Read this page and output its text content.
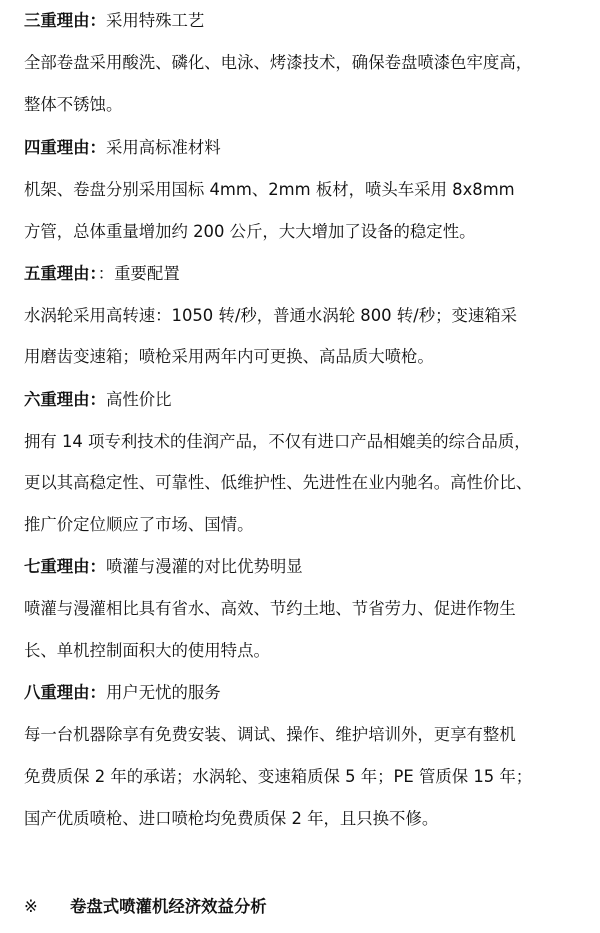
三重理由：采用特殊工艺
全部卷盘采用酸洗、磷化、电泳、烤漆技术，确保卷盘喷漆色牢度高，
整体不锈蚀。
四重理由：采用高标准材料
机架、卷盘分别采用国标 4mm、2mm 板材，喷头车采用 8x8mm
方管，总体重量增加约 200 公斤，大大增加了设备的稳定性。
五重理由：：重要配置
水涡轮采用高转速：1050 转/秒，普通水涡轮 800 转/秒；变速箱采
用磨齿变速箱；喷枪采用两年内可更换、高品质大喷枪。
六重理由：高性价比
拥有 14 项专利技术的佳润产品，不仅有进口产品相媲美的综合品质，
更以其高稳定性、可靠性、低维护性、先进性在业内驰名。高性价比、
推广价定位顺应了市场、国情。
七重理由：喷灌与漫灌的对比优势明显
喷灌与漫灌相比具有省水、高效、节约土地、节省劳力、促进作物生
长、单机控制面积大的使用特点。
八重理由：用户无忧的服务
每一台机器除享有免费安装、调试、操作、维护培训外，更享有整机
免费质保 2 年的承诺；水涡轮、变速箱质保 5 年；PE 管质保 15 年；
国产优质喷枪、进口喷枪均免费质保 2 年，且只换不修。
※ 卷盘式喷灌机经济效益分析
